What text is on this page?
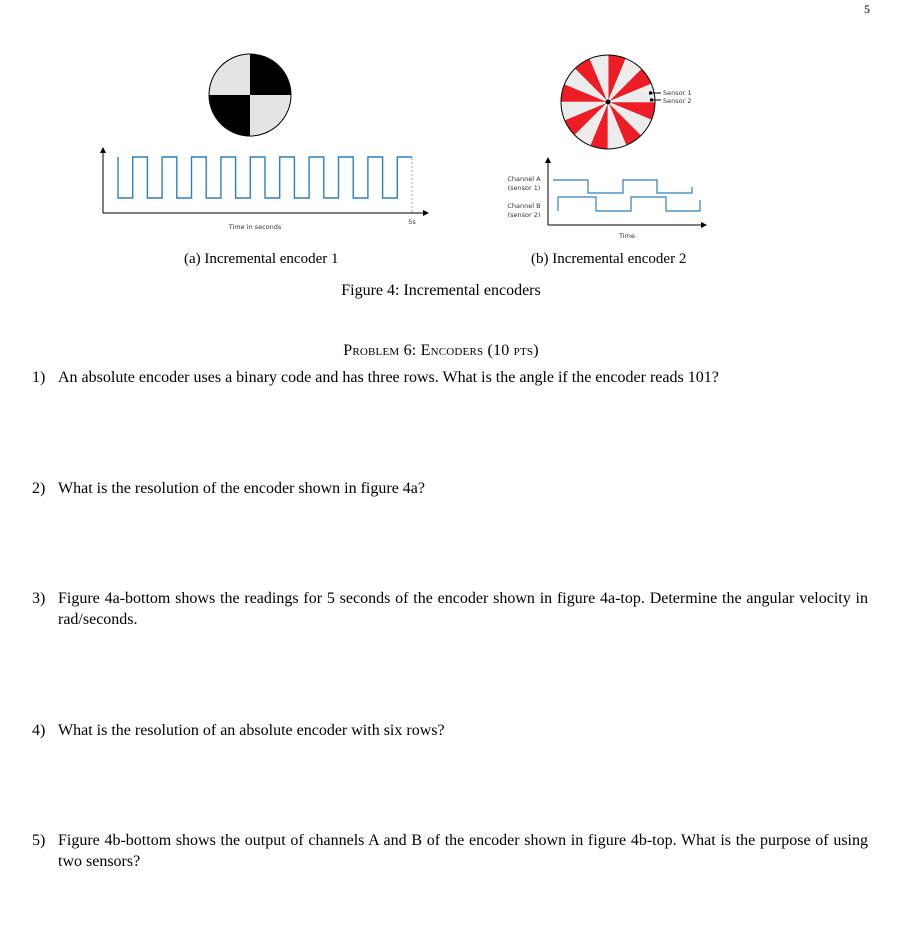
5
Time in seconds
5s
Sensor 1
Sensor 2
Channel A
(sensor 1)
Channel B
(sensor 2)
Time
(a) Incremental encoder 1	(b) Incremental encoder 2
Figure 4: Incremental encoders
Problem 6: Encoders (10 pts)
1) An absolute encoder uses a binary code and has three rows. What is the angle if the encoder reads 101?
2) What is the resolution of the encoder shown in figure 4a?
3) Figure 4a-bottom shows the readings for 5 seconds of the encoder shown in figure 4a-top. Determine the angular velocity in rad/seconds.
4) What is the resolution of an absolute encoder with six rows?
5) Figure 4b-bottom shows the output of channels A and B of the encoder shown in figure 4b-top. What is the purpose of using two sensors?
